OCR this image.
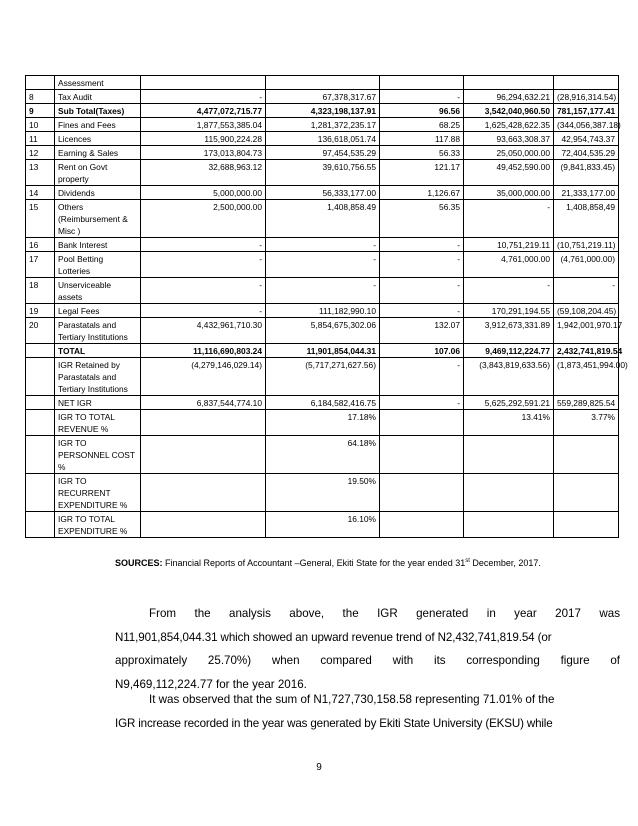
	Assessment					
8	Tax Audit	-	67,378,317.67	-	96,294,632.21	(28,916,314.54)
9	Sub Total(Taxes)	4,477,072,715.77	4,323,198,137.91	96.56	3,542,040,960.50	781,157,177.41
10	Fines and Fees	1,877,553,385.04	1,281,372,235.17	68.25	1,625,428,622.35	(344,056,387.18)
11	Licences	115,900,224.28	136,618,051.74	117.88	93,663,308.37	42,954,743.37
12	Earning & Sales	173,013,804.73	97,454,535.29	56.33	25,050,000.00	72,404,535.29
13	Rent on Govt property	32,688,963.12	39,610,756.55	121.17	49,452,590.00	(9,841,833.45)
14	Dividends	5,000,000.00	56,333,177.00	1,126.67	35,000,000.00	21,333,177.00
15	Others (Reimbursement & Misc )	2,500,000.00	1,408,858.49	56.35	-	1,408,858,49
16	Bank Interest	-	-	-	10,751,219.11	(10,751,219.11)
17	Pool Betting Lotteries	-	-	-	4,761,000.00	(4,761,000.00)
18	Unserviceable assets	-	-	-	-	-
19	Legal Fees	-	111,182,990.10	-	170,291,194.55	(59,108,204.45)
20	Parastatals and Tertiary Institutions	4,432,961,710.30	5,854,675,302.06	132.07	3,912,673,331.89	1,942,001,970.17
	TOTAL	11,116,690,803.24	11,901,854,044.31	107.06	9,469,112,224.77	2,432,741,819.54
	IGR Retained by Parastatals and Tertiary Institutions	(4,279,146,029.14)	(5,717,271,627.56)	-	(3,843,819,633.56)	(1,873,451,994.00)
	NET IGR	6,837,544,774.10	6,184,582,416.75	-	5,625,292,591.21	559,289,825.54
	IGR TO TOTAL REVENUE %		17.18%		13.41%	3.77%
	IGR TO PERSONNEL COST %		64.18%			
	IGR TO RECURRENT EXPENDITURE %		19.50%			
	IGR TO TOTAL EXPENDITURE %		16.10%			
SOURCES: Financial Reports of Accountant –General, Ekiti State for the year ended 31st December, 2017.
From the analysis above, the IGR generated in year 2017 was
N11,901,854,044.31 which showed an upward revenue trend of N2,432,741,819.54 (or
approximately 25.70%) when compared with its corresponding figure of
N9,469,112,224.77 for the year 2016.
It was observed that the sum of N1,727,730,158.58 representing 71.01% of the
IGR increase recorded in the year was generated by Ekiti State University (EKSU) while
9
